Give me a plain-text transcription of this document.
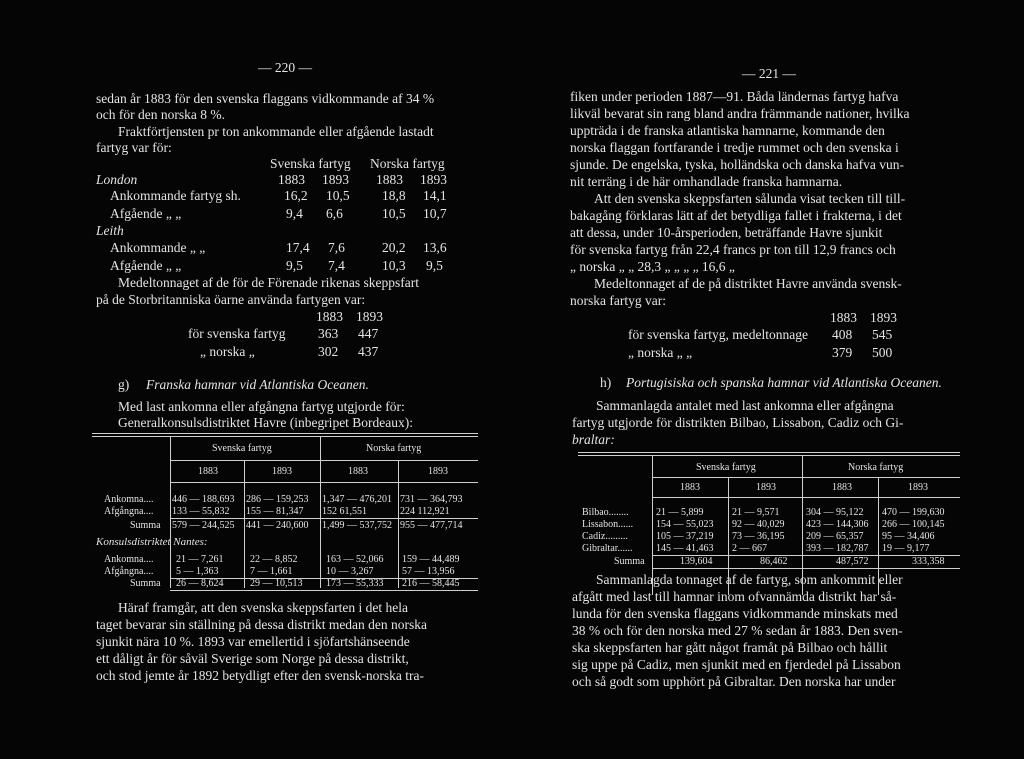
— 220 —
sedan år 1883 för den svenska flaggans vidkommande af 34 %
och för den norska 8 %.
Fraktförtjensten pr ton ankommande eller afgående lastadt
fartyg var för:
Svenska fartyg Norska fartyg
1883 1893 1883 1893
London
Ankommande fartyg sh.	16,2 10,5 18,8 14,1
Afgående „ „	9,4 6,6	10,5 10,7
Leith
Ankommande „ „	17,4 7,6	20,2 13,6
Afgående „ „	9,5 7,4	10,3 9,5
Medeltonnaget af de för de Förenade rikenas skeppsfart
på de Storbritanniska öarne använda fartygen var:
1883 1893
för svenska fartyg 363 447
„ norska „	302 437
g) Franska hamnar vid Atlantiska Oceanen.
Med last ankomna eller afgångna fartyg utgjorde för:
Generalkonsulsdistriktet Havre (inbegripet Bordeaux):
Svenska fartyg	Norska fartyg
1883	1893	1883	1893
Ankomna.... 446 — 188,693 286 — 159,253 1,347 — 476,201 731 — 364,793
Afgångna.... 133 — 55,832 155 — 81,347 152 61,551	224 112,921
Summa 579 — 244,525 441 — 240,600 1,499 — 537,752 955 — 477,714
Konsulsdistriktet Nantes:
Ankomna.... 21 — 7,261	22 — 8,852	163 — 52,066 159 — 44,489
Afgångna.... 5 — 1,363	7 — 1,661	10 — 3,267	57 — 13,956
Summa 26 — 8,624	29 — 10,513 173 — 55,333 216 — 58,445
Häraf framgår, att den svenska skeppsfarten i det hela
taget bevarar sin ställning på dessa distrikt medan den norska
sjunkit nära 10 %. 1893 var emellertid i sjöfartshänseende
ett dåligt år för såväl Sverige som Norge på dessa distrikt,
och stod jemte år 1892 betydligt efter den svensk-norska tra-
— 221 —
fiken under perioden 1887—91. Båda ländernas fartyg hafva
likväl bevarat sin rang bland andra främmande nationer, hvilka
uppträda i de franska atlantiska hamnarne, kommande den
norska flaggan fortfarande i tredje rummet och den svenska i
sjunde. De engelska, tyska, holländska och danska hafva vun-
nit terräng i de här omhandlade franska hamnarna.
Att den svenska skeppsfarten sålunda visat tecken till till-
bakagång förklaras lätt af det betydliga fallet i frakterna, i det
att dessa, under 10-årsperioden, beträffande Havre sjunkit
för svenska fartyg från 22,4 francs pr ton till 12,9 francs och
„ norska „ „ 28,3 „ „ „ „ 16,6 „
Medeltonnaget af de på distriktet Havre använda svensk-
norska fartyg var:
1883 1893
för svenska fartyg, medeltonnage 408 545
„ norska „ „	379 500
h) Portugisiska och spanska hamnar vid Atlantiska Oceanen.
Sammanlagda antalet med last ankomna eller afgångna
fartyg utgjorde för distrikten Bilbao, Lissabon, Cadiz och Gi-
braltar:
Svenska fartyg	Norska fartyg
1883	1893	1883	1893
Bilbao........	21 — 5,899	21 — 9,571	304 — 95,122 470 — 199,630
Lissabon...... 154 — 55,023 92 — 40,029 423 — 144,306 266 — 100,145
Cadiz.........	105 — 37,219 73 — 36,195 209 — 65,357 95 — 34,406
Gibraltar...... 145 — 41,463 2 — 667	393 — 182,787 19 — 9,177
Summa	139,604	86,462	487,572	333,358
Sammanlagda tonnaget af de fartyg, som ankommit eller
afgått med last till hamnar inom ofvannämda distrikt har så-
lunda för den svenska flaggans vidkommande minskats med
38 % och för den norska med 27 % sedan år 1883. Den sven-
ska skeppsfarten har gått något framåt på Bilbao och hållit
sig uppe på Cadiz, men sjunkit med en fjerdedel på Lissabon
och så godt som upphört på Gibraltar. Den norska har under
